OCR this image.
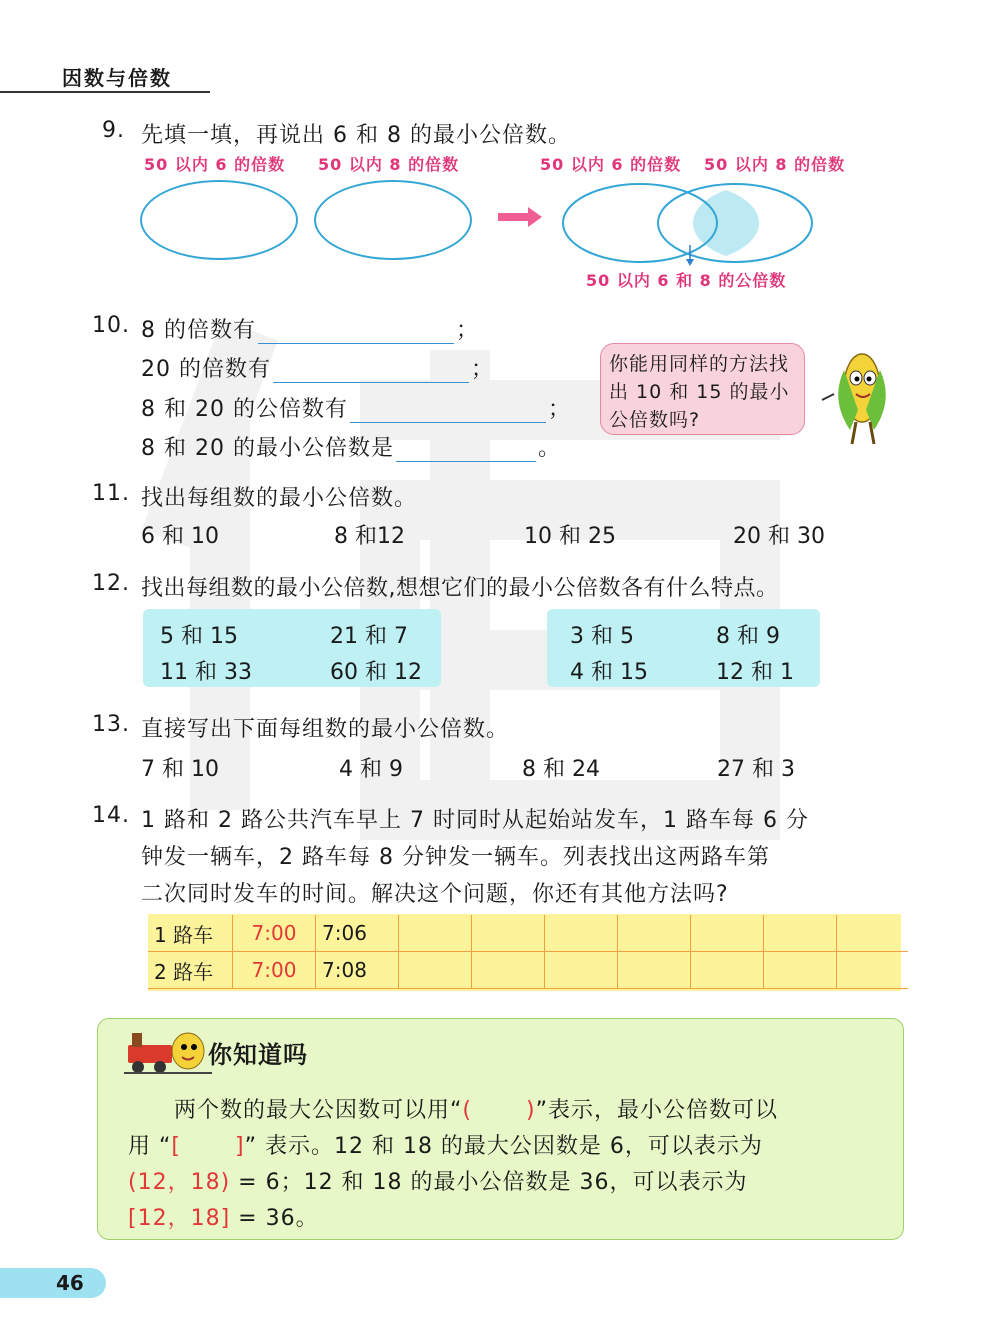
因数与倍数
9. 先填一填，再说出 6 和 8 的最小公倍数。
50 以内 6 的倍数 50 以内 8 的倍数	50 以内 6 的倍数 50 以内 8 的倍数
50 以内 6 和 8 的公倍数
10. 8 的倍数有	；
20 的倍数有	；
8 和 20 的公倍数有	；
8 和 20 的最小公倍数是	。
你能用同样的方法找出 10 和 15 的最小公倍数吗?
11. 找出每组数的最小公倍数。
6 和 10	8 和12	10 和 25	20 和 30
12. 找出每组数的最小公倍数,想想它们的最小公倍数各有什么特点。
5 和 15	21 和 7
11 和 33	60 和 12
3 和 5	8 和 9
4 和 15	12 和 1
13. 直接写出下面每组数的最小公倍数。
7 和 10	4 和 9	8 和 24	27 和 3
14. 1 路和 2 路公共汽车早上 7 时同时从起始站发车，1 路车每 6 分
钟发一辆车，2 路车每 8 分钟发一辆车。列表找出这两路车第
二次同时发车的时间。解决这个问题，你还有其他方法吗?
1 路车	7:00	7:06							
2 路车	7:00	7:08							
你知道吗
两个数的最大公因数可以用“( 　　)”表示，最小公倍数可以
用 “[ 　　]” 表示。12 和 18 的最大公因数是 6，可以表示为
(12，18) = 6；12 和 18 的最小公倍数是 36，可以表示为
[12，18] = 36。
46
